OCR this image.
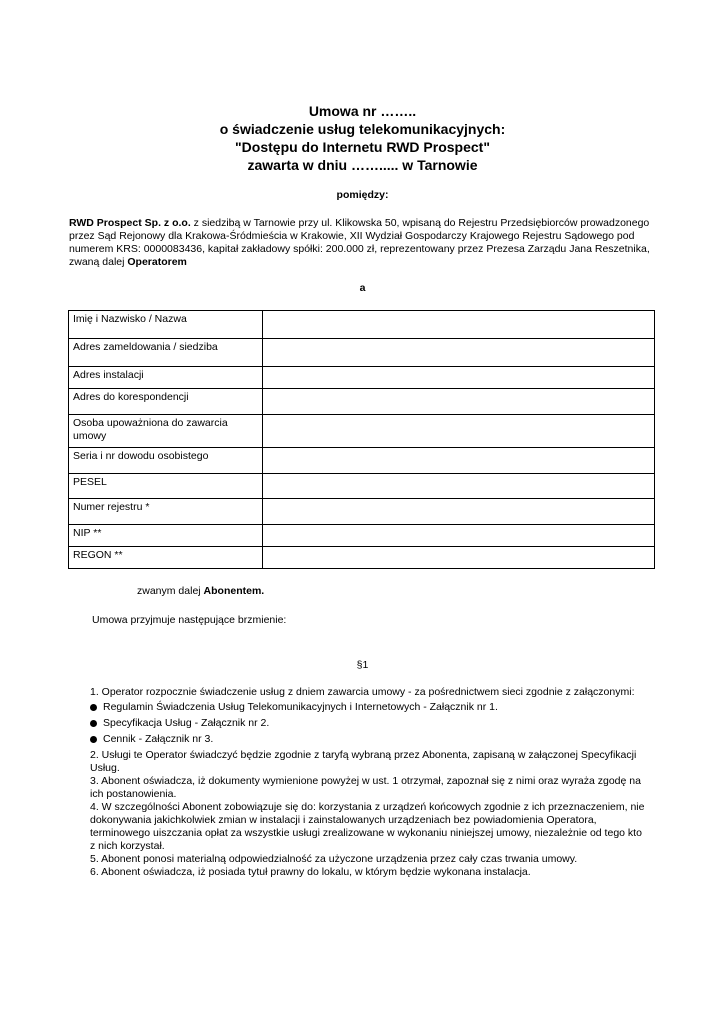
Umowa nr ……..
o świadczenie usług telekomunikacyjnych:
"Dostępu do Internetu RWD Prospect"
zawarta w dniu ……..... w Tarnowie
pomiędzy:
RWD Prospect Sp. z o.o. z siedzibą w Tarnowie przy ul. Klikowska 50, wpisaną do Rejestru Przedsiębiorców prowadzonego przez Sąd Rejonowy dla Krakowa-Śródmieścia w Krakowie, XII Wydział Gospodarczy Krajowego Rejestru Sądowego pod numerem KRS: 0000083436, kapitał zakładowy spółki: 200.000 zł, reprezentowany przez Prezesa Zarządu Jana Reszetnika,
zwaną dalej Operatorem
a
Imię i Nazwisko / Nazwa	
Adres zameldowania / siedziba	
Adres instalacji	
Adres do korespondencji	
Osoba upoważniona do zawarcia umowy	
Seria i nr dowodu osobistego	
PESEL	
Numer rejestru *	
NIP **	
REGON **	
zwanym dalej Abonentem.
Umowa przyjmuje następujące brzmienie:
§1

1. Operator rozpocznie świadczenie usług z dniem zawarcia umowy - za pośrednictwem sieci zgodnie z załączonymi:

Regulamin Świadczenia Usług Telekomunikacyjnych i Internetowych - Załącznik nr 1.
Specyfikacja Usług - Załącznik nr 2.
Cennik - Załącznik nr 3.

2. Usługi te Operator świadczyć będzie zgodnie z taryfą wybraną przez Abonenta, zapisaną w załączonej Specyfikacji Usług.

3. Abonent oświadcza, iż dokumenty wymienione powyżej w ust. 1 otrzymał, zapoznał się z nimi oraz wyraża zgodę na ich postanowienia.

4. W szczególności Abonent zobowiązuje się do: korzystania z urządzeń końcowych zgodnie z ich przeznaczeniem, nie dokonywania jakichkolwiek zmian w instalacji i zainstalowanych urządzeniach bez powiadomienia Operatora, terminowego uiszczania opłat za wszystkie usługi zrealizowane w wykonaniu niniejszej umowy, niezależnie od tego kto z nich korzystał.

5. Abonent ponosi materialną odpowiedzialność za użyczone urządzenia przez cały czas trwania umowy.

6. Abonent oświadcza, iż posiada tytuł prawny do lokalu, w którym będzie wykonana instalacja.
